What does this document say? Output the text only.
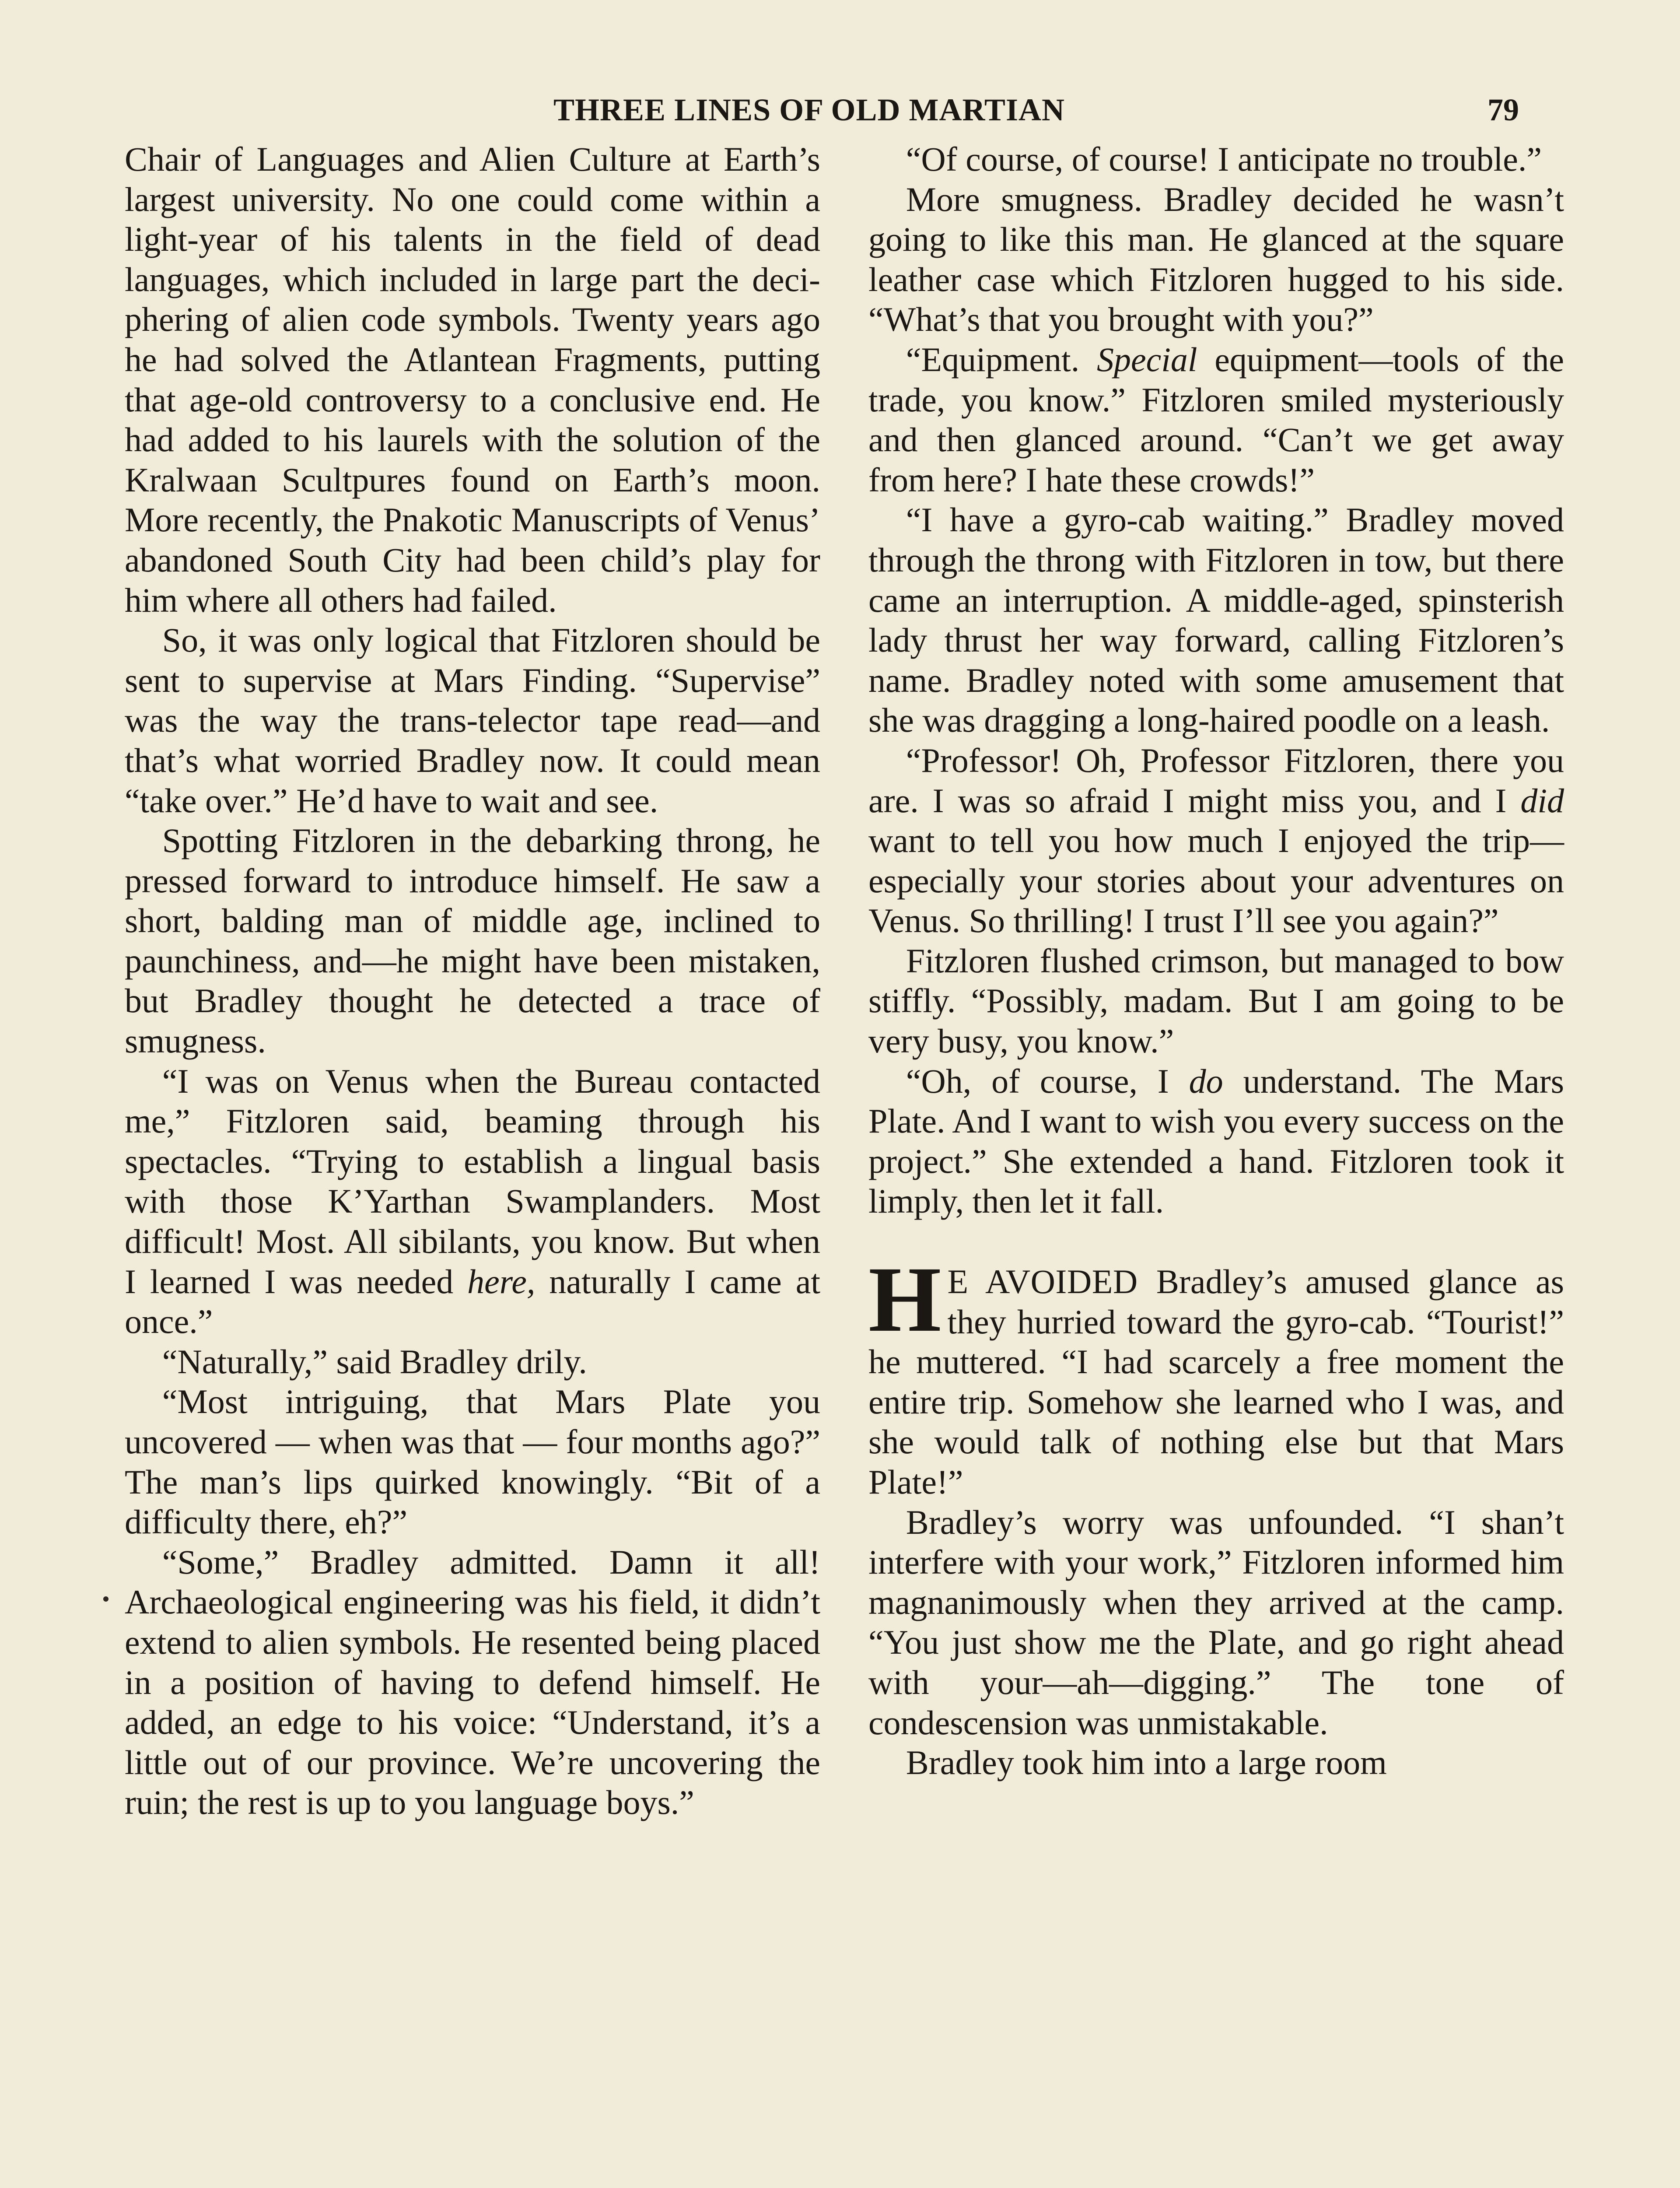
THREE LINES OF OLD MARTIAN	79

Chair of Languages and Alien Culture at Earth’s largest university. No one could come within a light-year of his talents in the field of dead languages, which included in large part the deciphering of alien code symbols. Twenty years ago he had solved the Atlantean Fragments, putting that age-old controversy to a conclusive end. He had added to his laurels with the solution of the Kralwaan Scultpures found on Earth’s moon. More recently, the Pnakotic Manuscripts of Venus’ abandoned South City had been child’s play for him where all others had failed.

So, it was only logical that Fitzloren should be sent to supervise at Mars Finding. “Supervise” was the way the trans-telector tape read—and that’s what worried Bradley now. It could mean “take over.” He’d have to wait and see.

Spotting Fitzloren in the debarking throng, he pressed forward to introduce himself. He saw a short, balding man of middle age, inclined to paunchiness, and—he might have been mistaken, but Bradley thought he detected a trace of smugness.

“I was on Venus when the Bureau contacted me,” Fitzloren said, beaming through his spectacles. “Trying to establish a lingual basis with those K’Yarthan Swamplanders. Most difficult! Most. All sibilants, you know. But when I learned I was needed here, naturally I came at once.”

“Naturally,” said Bradley drily.

“Most intriguing, that Mars Plate you uncovered — when was that — four months ago?” The man’s lips quirked knowingly. “Bit of a difficulty there, eh?”

“Some,” Bradley admitted. Damn it all! Archaeological engineering was his field, it didn’t extend to alien symbols. He resented being placed in a position of having to defend himself. He added, an edge to his voice: “Understand, it’s a little out of our province. We’re uncovering the ruin; the rest is up to you language boys.”

“Of course, of course! I anticipate no trouble.”

More smugness. Bradley decided he wasn’t going to like this man. He glanced at the square leather case which Fitzloren hugged to his side. “What’s that you brought with you?”

“Equipment. Special equipment—tools of the trade, you know.” Fitzloren smiled mysteriously and then glanced around. “Can’t we get away from here? I hate these crowds!”

“I have a gyro-cab waiting.” Bradley moved through the throng with Fitzloren in tow, but there came an interruption. A middle-aged, spinsterish lady thrust her way forward, calling Fitzloren’s name. Bradley noted with some amusement that she was dragging a long-haired poodle on a leash.

“Professor! Oh, Professor Fitzloren, there you are. I was so afraid I might miss you, and I did want to tell you how much I enjoyed the trip—especially your stories about your adventures on Venus. So thrilling! I trust I’ll see you again?”

Fitzloren flushed crimson, but managed to bow stiffly. “Possibly, madam. But I am going to be very busy, you know.”

“Oh, of course, I do understand. The Mars Plate. And I want to wish you every success on the project.” She extended a hand. Fitzloren took it limply, then let it fall.

H E AVOIDED Bradley’s amused glance as they hurried toward the gyro-cab. “Tourist!” he muttered. “I had scarcely a free moment the entire trip. Somehow she learned who I was, and she would talk of nothing else but that Mars Plate!”

Bradley’s worry was unfounded. “I shan’t interfere with your work,” Fitzloren informed him magnanimously when they arrived at the camp. “You just show me the Plate, and go right ahead with your—ah—digging.” The tone of condescension was unmistakable.

Bradley took him into a large room
